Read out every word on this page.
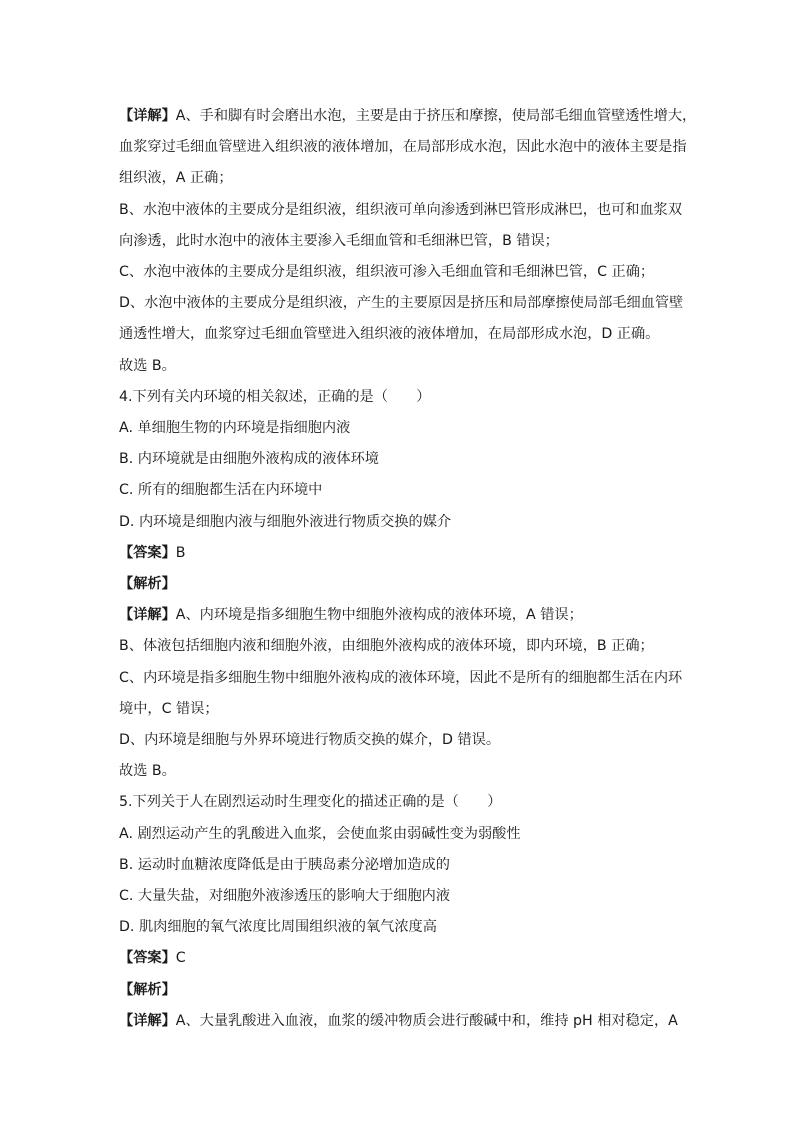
【详解】A、手和脚有时会磨出水泡，主要是由于挤压和摩擦，使局部毛细血管壁透性增大，
血浆穿过毛细血管壁进入组织液的液体增加，在局部形成水泡，因此水泡中的液体主要是指
组织液，A 正确；
B、水泡中液体的主要成分是组织液，组织液可单向渗透到淋巴管形成淋巴，也可和血浆双
向渗透，此时水泡中的液体主要渗入毛细血管和毛细淋巴管，B 错误；
C、水泡中液体的主要成分是组织液，组织液可渗入毛细血管和毛细淋巴管，C 正确；
D、水泡中液体的主要成分是组织液，产生的主要原因是挤压和局部摩擦使局部毛细血管壁
通透性增大，血浆穿过毛细血管壁进入组织液的液体增加，在局部形成水泡，D 正确。
故选 B。
4.下列有关内环境的相关叙述，正确的是（　　）
A. 单细胞生物的内环境是指细胞内液
B. 内环境就是由细胞外液构成的液体环境
C. 所有的细胞都生活在内环境中
D. 内环境是细胞内液与细胞外液进行物质交换的媒介
【答案】B
【解析】
【详解】A、内环境是指多细胞生物中细胞外液构成的液体环境，A 错误；
B、体液包括细胞内液和细胞外液，由细胞外液构成的液体环境，即内环境，B 正确；
C、内环境是指多细胞生物中细胞外液构成的液体环境，因此不是所有的细胞都生活在内环
境中，C 错误；
D、内环境是细胞与外界环境进行物质交换的媒介，D 错误。
故选 B。
5.下列关于人在剧烈运动时生理变化的描述正确的是（　　）
A. 剧烈运动产生的乳酸进入血浆，会使血浆由弱碱性变为弱酸性
B. 运动时血糖浓度降低是由于胰岛素分泌增加造成的
C. 大量失盐，对细胞外液渗透压的影响大于细胞内液
D. 肌肉细胞的氧气浓度比周围组织液的氧气浓度高
【答案】C
【解析】
【详解】A、大量乳酸进入血液，血浆的缓冲物质会进行酸碱中和，维持 pH 相对稳定，A
